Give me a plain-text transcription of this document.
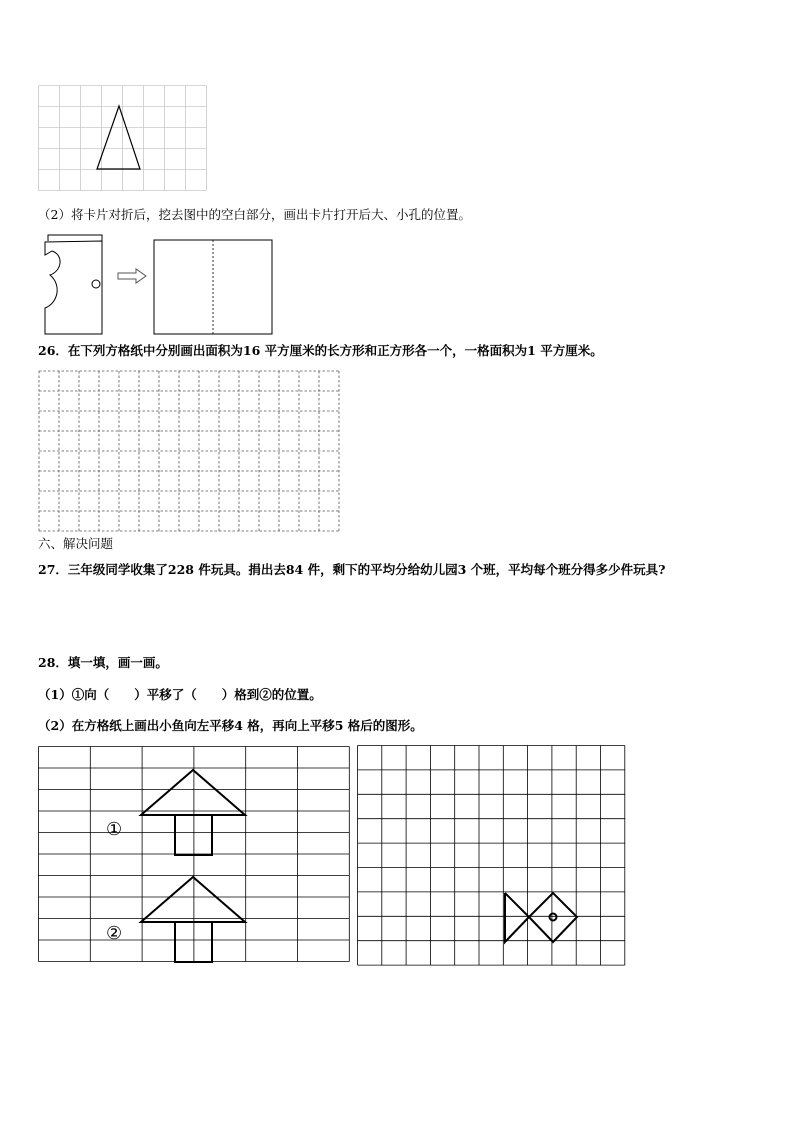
（2）将卡片对折后，挖去图中的空白部分，画出卡片打开后大、小孔的位置。
26．在下列方格纸中分别画出面积为16 平方厘米的长方形和正方形各一个，一格面积为1 平方厘米。
六、解决问题
27．三年级同学收集了228 件玩具。捐出去84 件，剩下的平均分给幼儿园3 个班，平均每个班分得多少件玩具?
28．填一填，画一画。
（1）①向（　　）平移了（　　）格到②的位置。
（2）在方格纸上画出小鱼向左平移4 格，再向上平移5 格后的图形。
①
②
